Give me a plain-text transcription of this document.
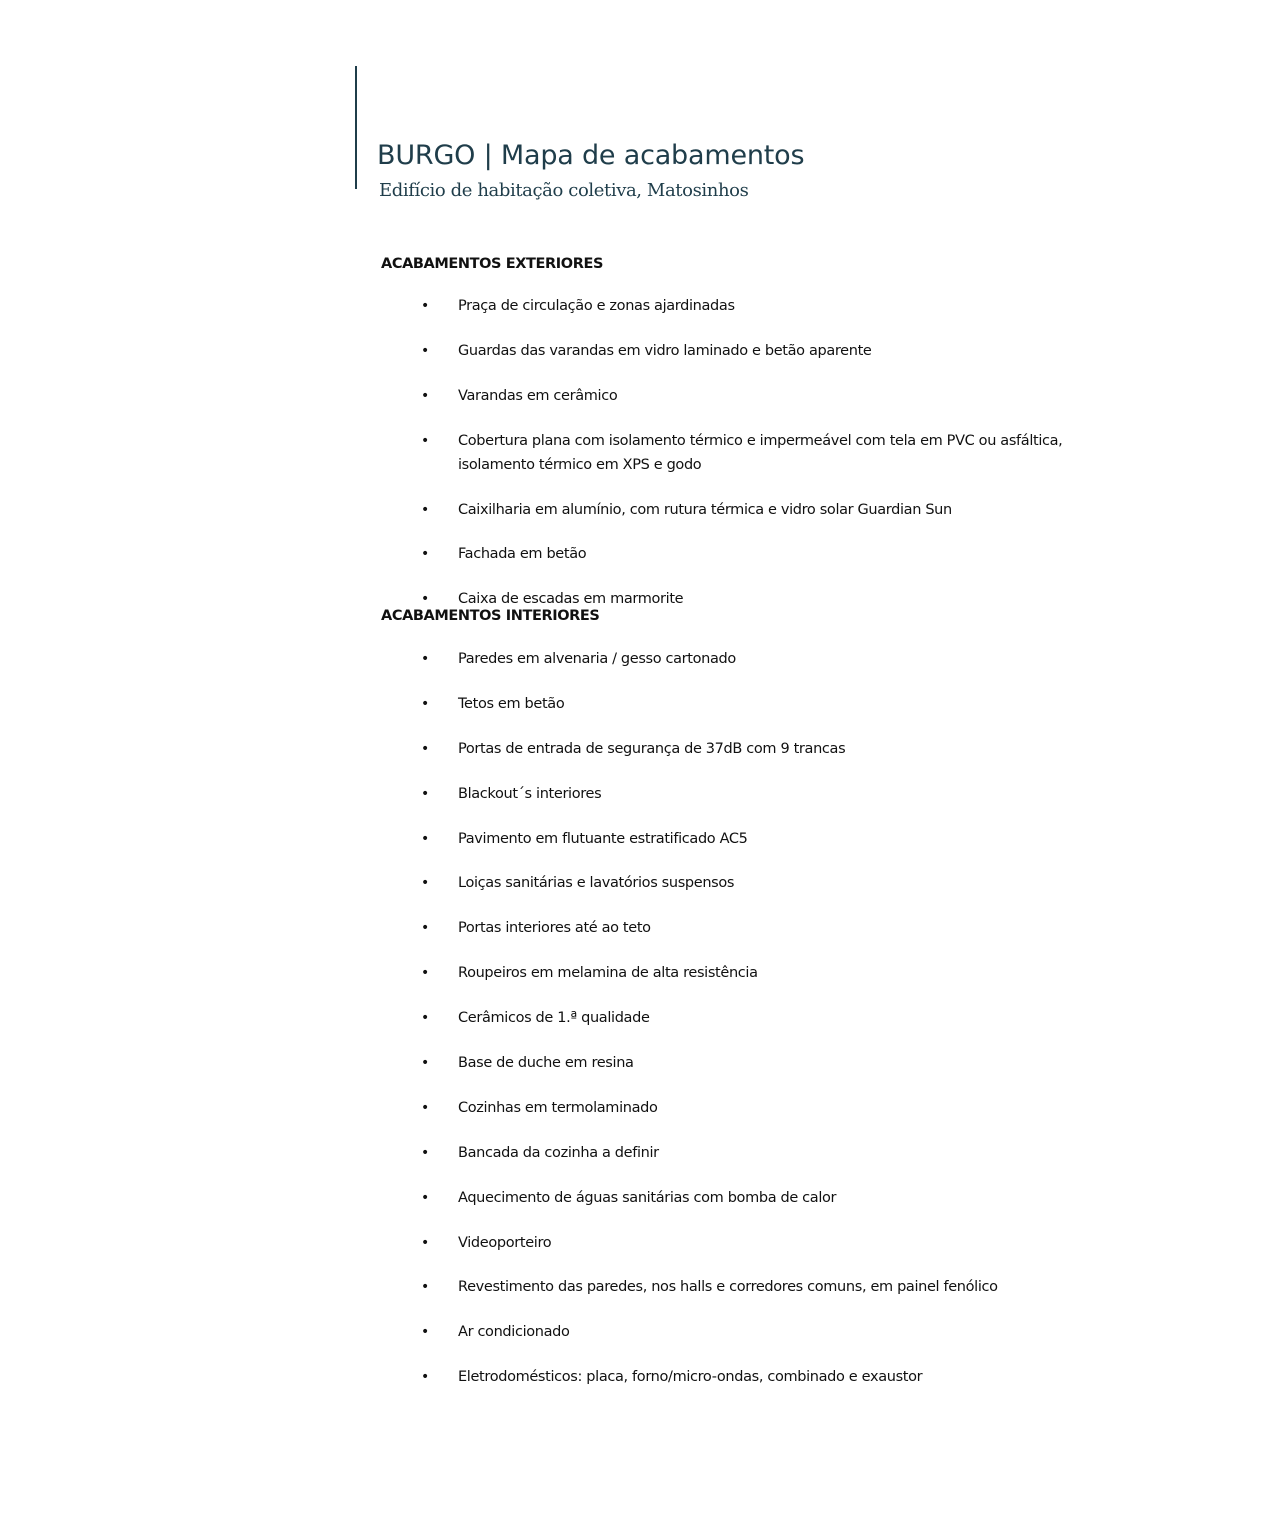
BURGO | Mapa de acabamentos
Edifício de habitação coletiva, Matosinhos
ACABAMENTOS EXTERIORES
• Praça de circulação e zonas ajardinadas
• Guardas das varandas em vidro laminado e betão aparente
• Varandas em cerâmico
• Cobertura plana com isolamento térmico e impermeável com tela em PVC ou asfáltica, isolamento térmico em XPS e godo
• Caixilharia em alumínio, com rutura térmica e vidro solar Guardian Sun
• Fachada em betão
• Caixa de escadas em marmorite
ACABAMENTOS INTERIORES
• Paredes em alvenaria / gesso cartonado
• Tetos em betão
• Portas de entrada de segurança de 37dB com 9 trancas
• Blackout´s interiores
• Pavimento em flutuante estratificado AC5
• Loiças sanitárias e lavatórios suspensos
• Portas interiores até ao teto
• Roupeiros em melamina de alta resistência
• Cerâmicos de 1.ª qualidade
• Base de duche em resina
• Cozinhas em termolaminado
• Bancada da cozinha a definir
• Aquecimento de águas sanitárias com bomba de calor
• Videoporteiro
• Revestimento das paredes, nos halls e corredores comuns, em painel fenólico
• Ar condicionado
• Eletrodomésticos: placa, forno/micro-ondas, combinado e exaustor
